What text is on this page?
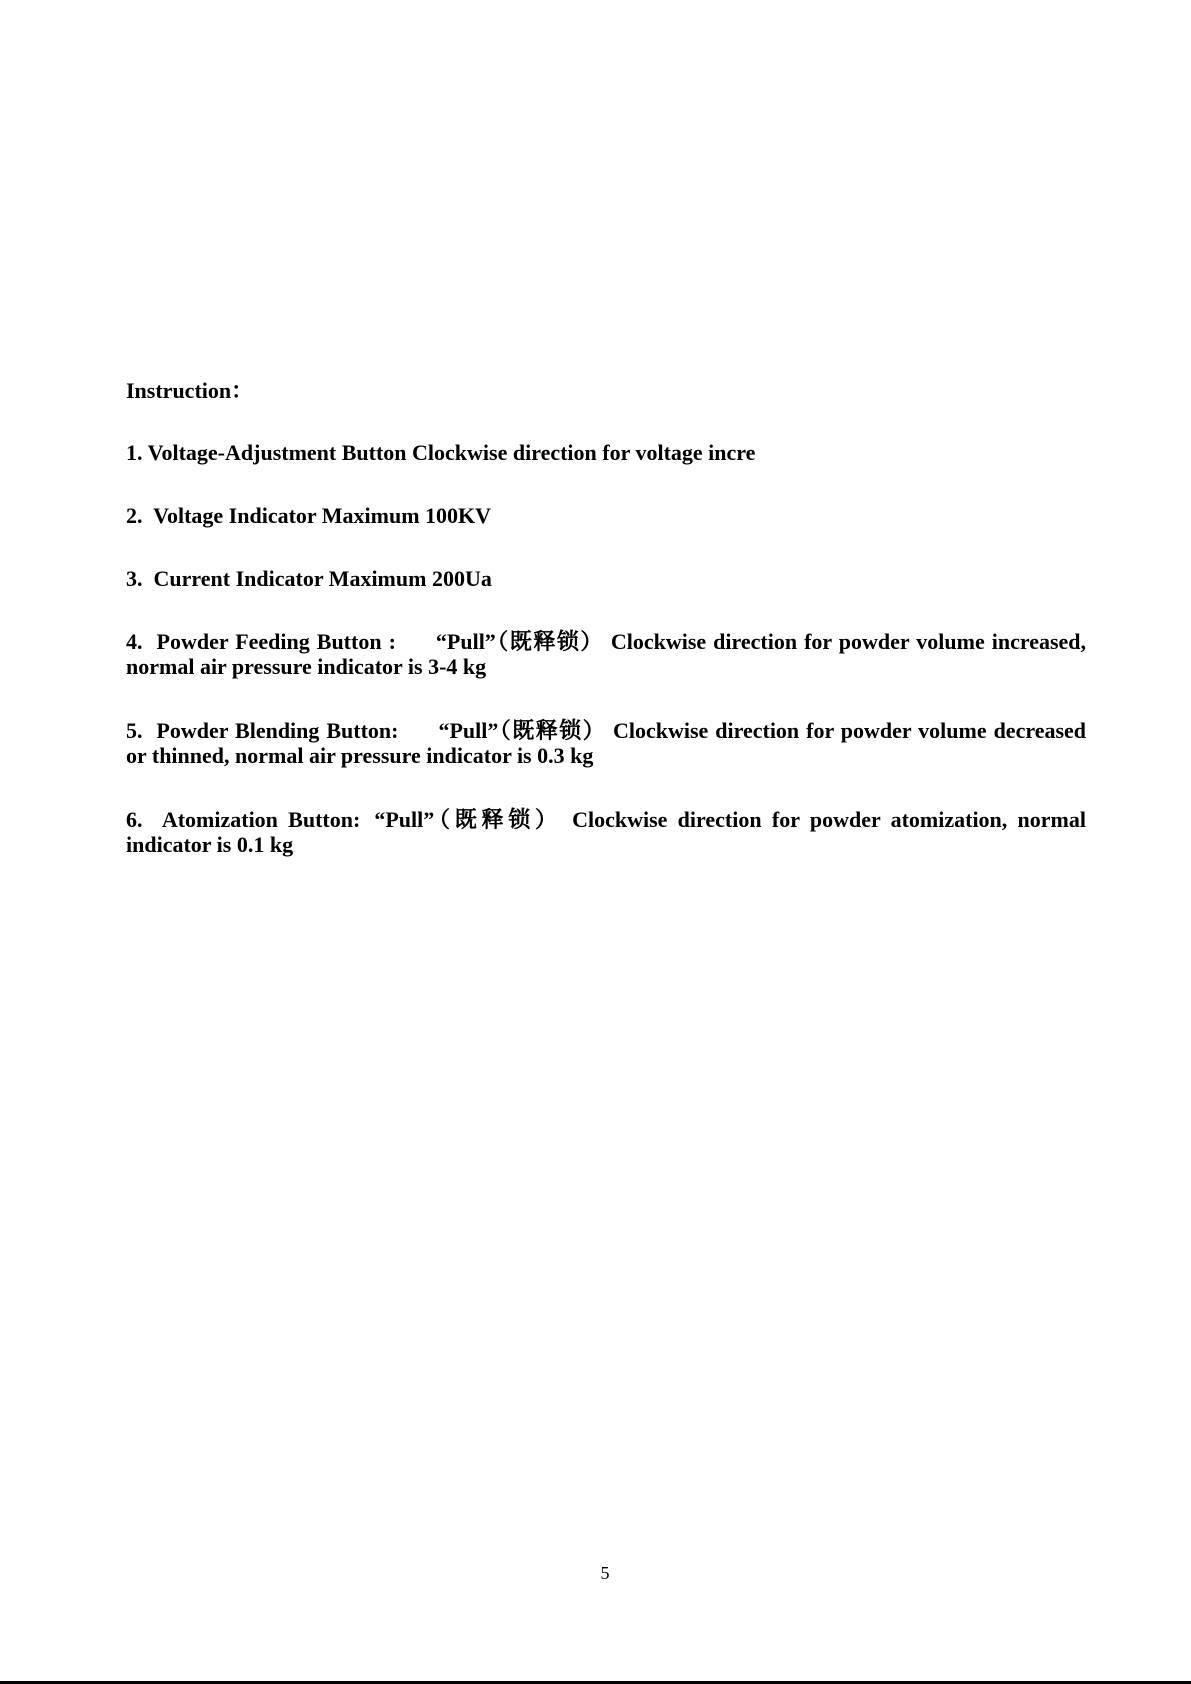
Instruction：

1. Voltage-Adjustment Button Clockwise direction for voltage incre

2. Voltage Indicator Maximum 100KV

3. Current Indicator Maximum 200Ua

4. Powder Feeding Button : “Pull”（既释锁） Clockwise direction for powder volume increased, normal air pressure indicator is 3-4 kg

5. Powder Blending Button: “Pull”（既释锁） Clockwise direction for powder volume decreased or thinned, normal air pressure indicator is 0.3 kg

6. Atomization Button: “Pull”（既释锁） Clockwise direction for powder atomization, normal indicator is 0.1 kg

5
